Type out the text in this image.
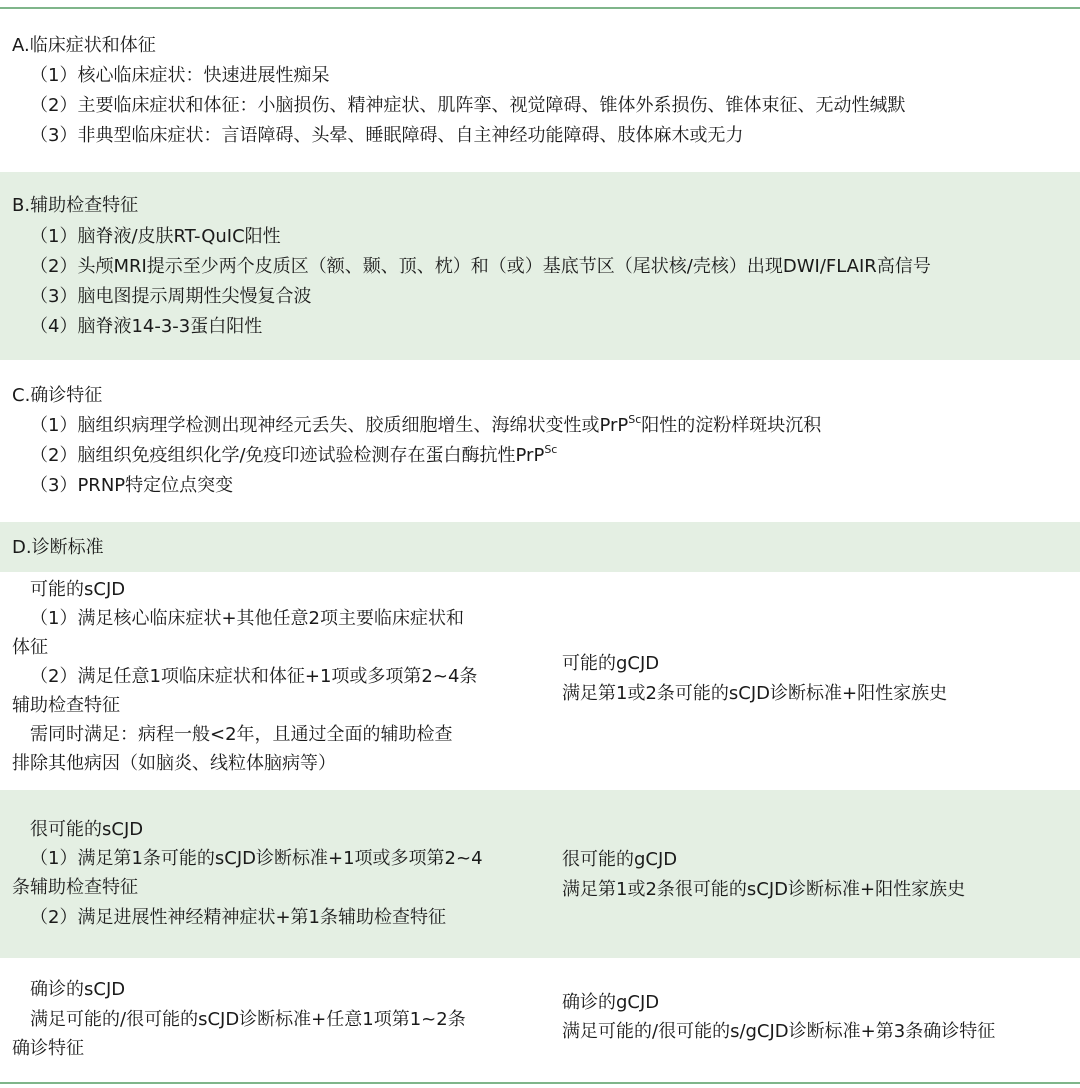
A.临床症状和体征
（1）核心临床症状：快速进展性痴呆
（2）主要临床症状和体征：小脑损伤、精神症状、肌阵挛、视觉障碍、锥体外系损伤、锥体束征、无动性缄默
（3）非典型临床症状：言语障碍、头晕、睡眠障碍、自主神经功能障碍、肢体麻木或无力
B.辅助检查特征
（1）脑脊液/皮肤RT-QuIC阳性
（2）头颅MRI提示至少两个皮质区（额、颞、顶、枕）和（或）基底节区（尾状核/壳核）出现DWI/FLAIR高信号
（3）脑电图提示周期性尖慢复合波
（4）脑脊液14-3-3蛋白阳性
C.确诊特征
（1）脑组织病理学检测出现神经元丢失、胶质细胞增生、海绵状变性或PrP$^{Sc}$阳性的淀粉样斑块沉积
（2）脑组织免疫组织化学/免疫印迹试验检测存在蛋白酶抗性PrP$^{Sc}$
（3）PRNP特定位点突变
D.诊断标准
可能的sCJD
（1）满足核心临床症状+其他任意2项主要临床症状和
体征
（2）满足任意1项临床症状和体征+1项或多项第2~4条
辅助检查特征
需同时满足：病程一般<2年，且通过全面的辅助检查
排除其他病因（如脑炎、线粒体脑病等）
可能的gCJD
满足第1或2条可能的sCJD诊断标准+阳性家族史
很可能的sCJD
（1）满足第1条可能的sCJD诊断标准+1项或多项第2~4
条辅助检查特征
（2）满足进展性神经精神症状+第1条辅助检查特征
很可能的gCJD
满足第1或2条很可能的sCJD诊断标准+阳性家族史
确诊的sCJD
满足可能的/很可能的sCJD诊断标准+任意1项第1~2条
确诊特征
确诊的gCJD
满足可能的/很可能的s/gCJD诊断标准+第3条确诊特征
